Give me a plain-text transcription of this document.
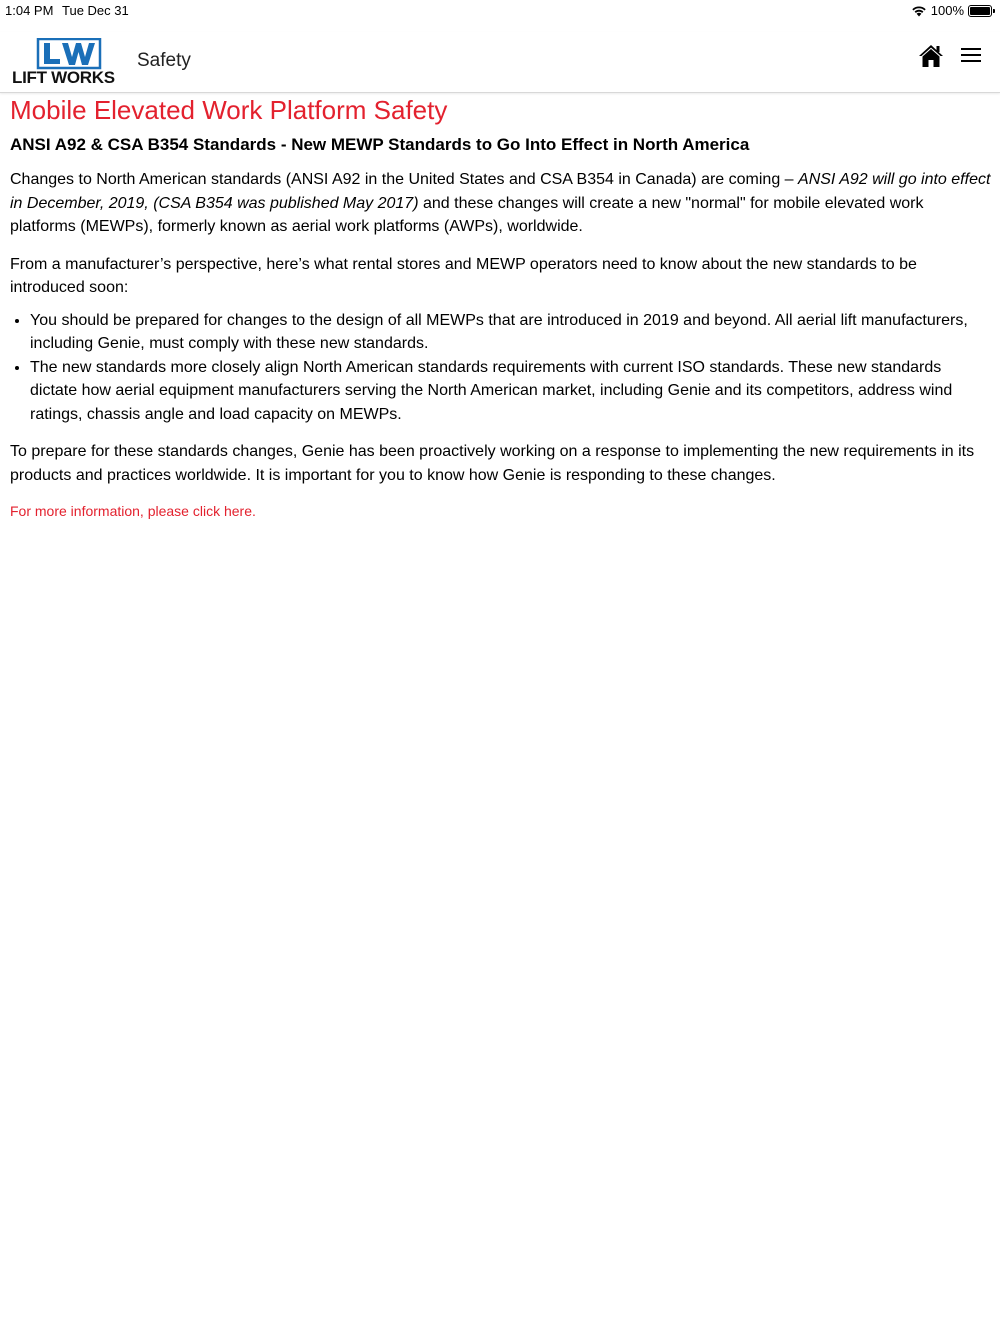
1:04 PM Tue Dec 31	100%
LIFT WORKS
Safety
Mobile Elevated Work Platform Safety
ANSI A92 & CSA B354 Standards - New MEWP Standards to Go Into Effect in North America

Changes to North American standards (ANSI A92 in the United States and CSA B354 in Canada) are coming – ANSI A92 will go into effect in December, 2019, (CSA B354 was published May 2017) and these changes will create a new "normal" for mobile elevated work platforms (MEWPs), formerly known as aerial work platforms (AWPs), worldwide.

From a manufacturer’s perspective, here’s what rental stores and MEWP operators need to know about the new standards to be introduced soon:

• You should be prepared for changes to the design of all MEWPs that are introduced in 2019 and beyond. All aerial lift manufacturers, including Genie, must comply with these new standards.
• The new standards more closely align North American standards requirements with current ISO standards. These new standards dictate how aerial equipment manufacturers serving the North American market, including Genie and its competitors, address wind ratings, chassis angle and load capacity on MEWPs.

To prepare for these standards changes, Genie has been proactively working on a response to implementing the new requirements in its products and practices worldwide. It is important for you to know how Genie is responding to these changes.

For more information, please click here.
